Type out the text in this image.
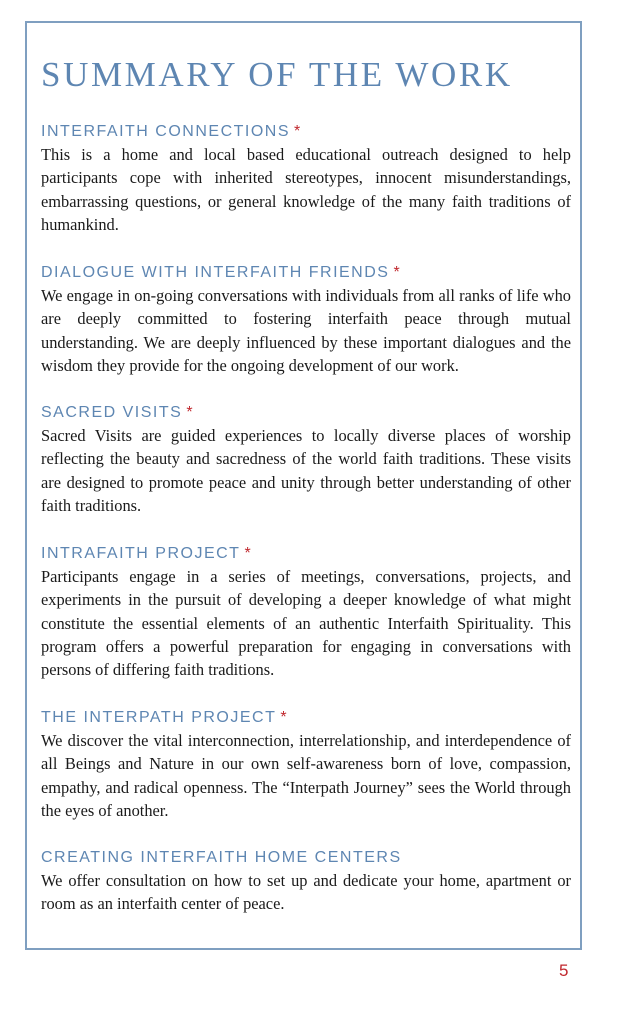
SUMMARY OF THE WORK
INTERFAITH CONNECTIONS *

This is a home and local based educational outreach designed to help participants cope with inherited stereotypes, innocent misunderstandings, embarrassing questions, or general knowledge of the many faith traditions of humankind.

DIALOGUE WITH INTERFAITH FRIENDS *

We engage in on-going conversations with individuals from all ranks of life who are deeply committed to fostering interfaith peace through mutual understanding. We are deeply influenced by these important dialogues and the wisdom they provide for the ongoing development of our work.

SACRED VISITS *

Sacred Visits are guided experiences to locally diverse places of worship reflecting the beauty and sacredness of the world faith traditions. These visits are designed to promote peace and unity through better understanding of other faith traditions.

INTRAFAITH PROJECT *

Participants engage in a series of meetings, conversations, projects, and experiments in the pursuit of developing a deeper knowledge of what might constitute the essential elements of an authentic Interfaith Spirituality. This program offers a powerful preparation for engaging in conversations with persons of differing faith traditions.

THE INTERPATH PROJECT *

We discover the vital interconnection, interrelationship, and interdependence of all Beings and Nature in our own self-awareness born of love, compassion, empathy, and radical openness. The “Interpath Journey” sees the World through the eyes of another.

CREATING INTERFAITH HOME CENTERS

We offer consultation on how to set up and dedicate your home, apartment or room as an interfaith center of peace.

5
